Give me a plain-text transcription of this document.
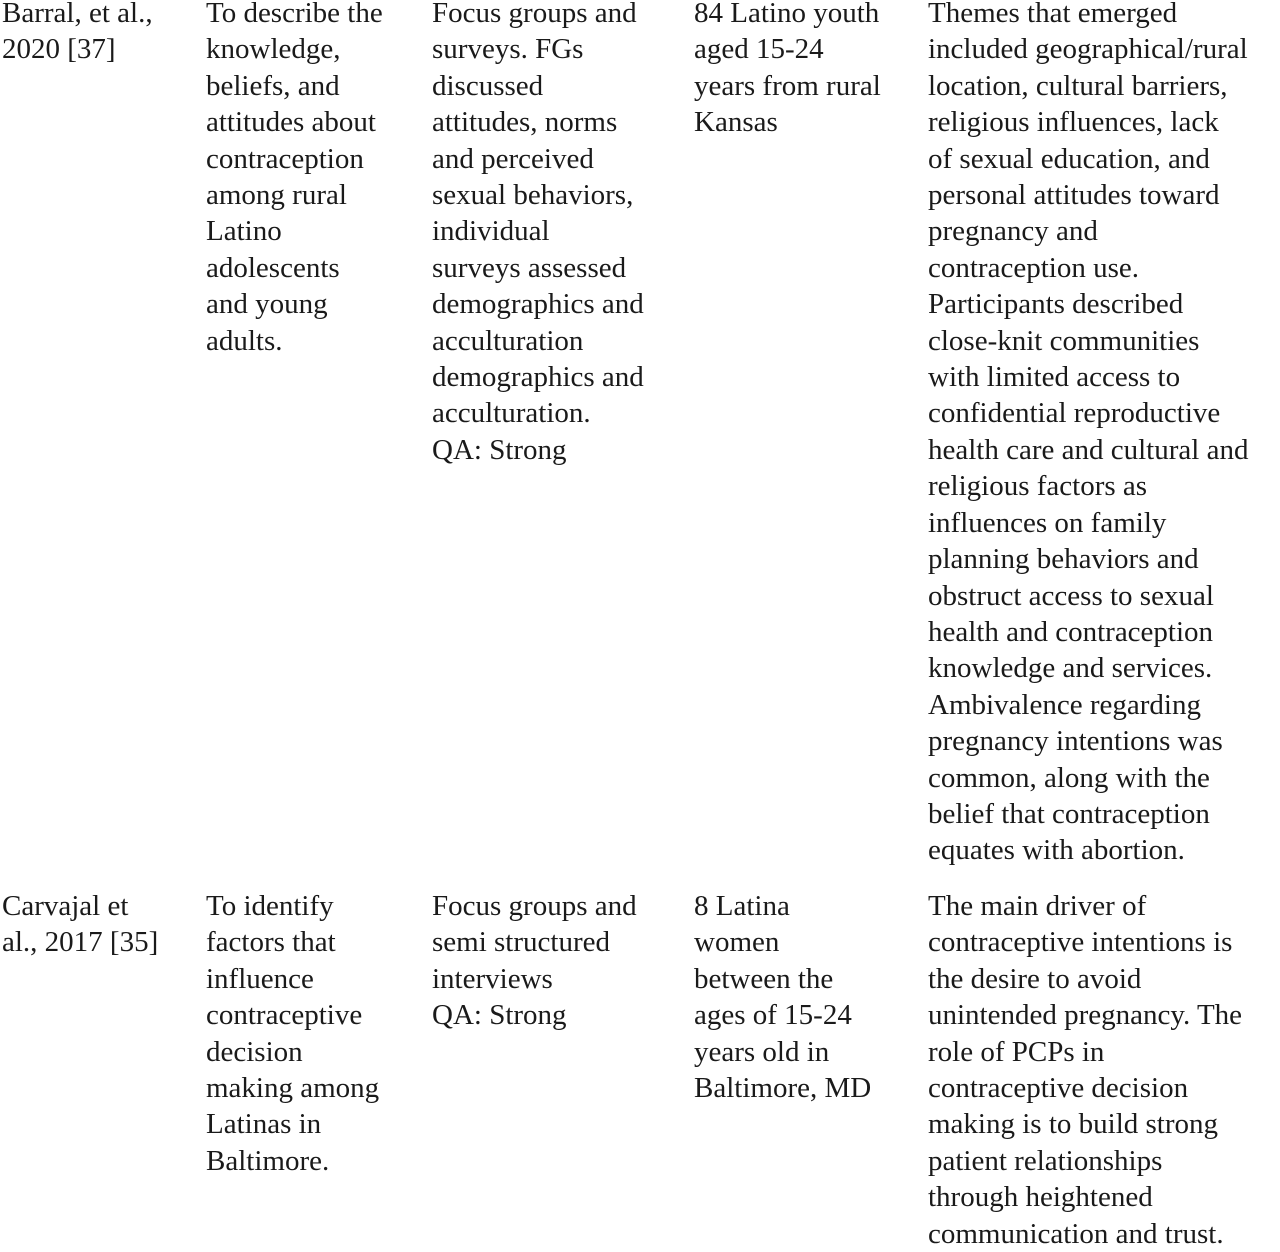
Barral, et al.,
2020 [37]

To describe the
knowledge,
beliefs, and
attitudes about
contraception
among rural
Latino
adolescents
and young
adults.

Focus groups and
surveys. FGs
discussed
attitudes, norms
and perceived
sexual behaviors,
individual
surveys assessed
demographics and
acculturation
demographics and
acculturation.
QA: Strong

84 Latino youth
aged 15-24
years from rural
Kansas

Themes that emerged
included geographical/rural
location, cultural barriers,
religious influences, lack
of sexual education, and
personal attitudes toward
pregnancy and
contraception use.
Participants described
close-knit communities
with limited access to
confidential reproductive
health care and cultural and
religious factors as
influences on family
planning behaviors and
obstruct access to sexual
health and contraception
knowledge and services.
Ambivalence regarding
pregnancy intentions was
common, along with the
belief that contraception
equates with abortion.

Carvajal et
al., 2017 [35]

To identify
factors that
influence
contraceptive
decision
making among
Latinas in
Baltimore.

Focus groups and
semi structured
interviews
QA: Strong

8 Latina
women
between the
ages of 15-24
years old in
Baltimore, MD

The main driver of
contraceptive intentions is
the desire to avoid
unintended pregnancy. The
role of PCPs in
contraceptive decision
making is to build strong
patient relationships
through heightened
communication and trust.
